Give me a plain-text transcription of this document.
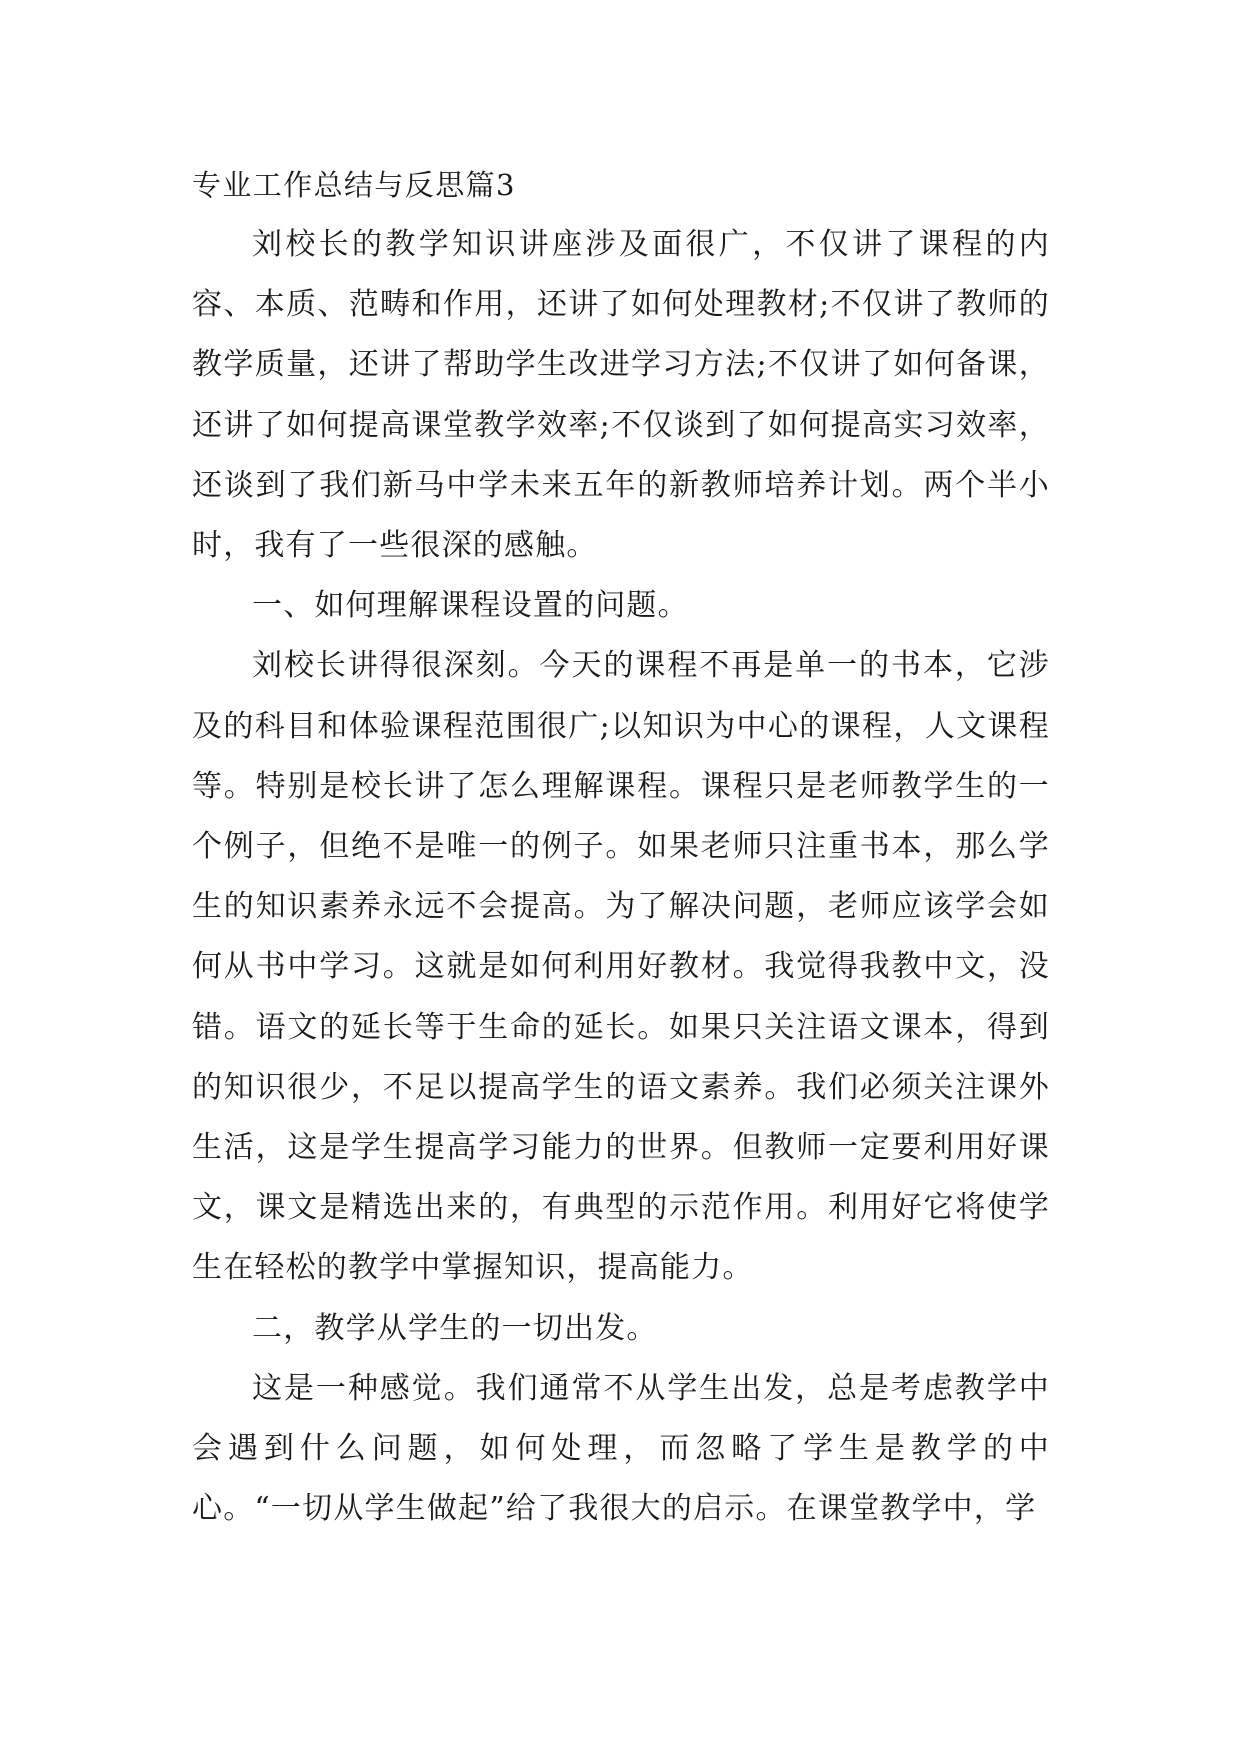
专业工作总结与反思篇3

刘校长的教学知识讲座涉及面很广，不仅讲了课程的内容、本质、范畴和作用，还讲了如何处理教材;不仅讲了教师的教学质量，还讲了帮助学生改进学习方法;不仅讲了如何备课，还讲了如何提高课堂教学效率;不仅谈到了如何提高实习效率，还谈到了我们新马中学未来五年的新教师培养计划。两个半小时，我有了一些很深的感触。

一、如何理解课程设置的问题。

刘校长讲得很深刻。今天的课程不再是单一的书本，它涉及的科目和体验课程范围很广;以知识为中心的课程，人文课程等。特别是校长讲了怎么理解课程。课程只是老师教学生的一个例子，但绝不是唯一的例子。如果老师只注重书本，那么学生的知识素养永远不会提高。为了解决问题，老师应该学会如何从书中学习。这就是如何利用好教材。我觉得我教中文，没错。语文的延长等于生命的延长。如果只关注语文课本，得到的知识很少，不足以提高学生的语文素养。我们必须关注课外生活，这是学生提高学习能力的世界。但教师一定要利用好课文，课文是精选出来的，有典型的示范作用。利用好它将使学生在轻松的教学中掌握知识，提高能力。

二，教学从学生的一切出发。

这是一种感觉。我们通常不从学生出发，总是考虑教学中会遇到什么问题，如何处理，而忽略了学生是教学的中心。“一切从学生做起”给了我很大的启示。在课堂教学中，学
